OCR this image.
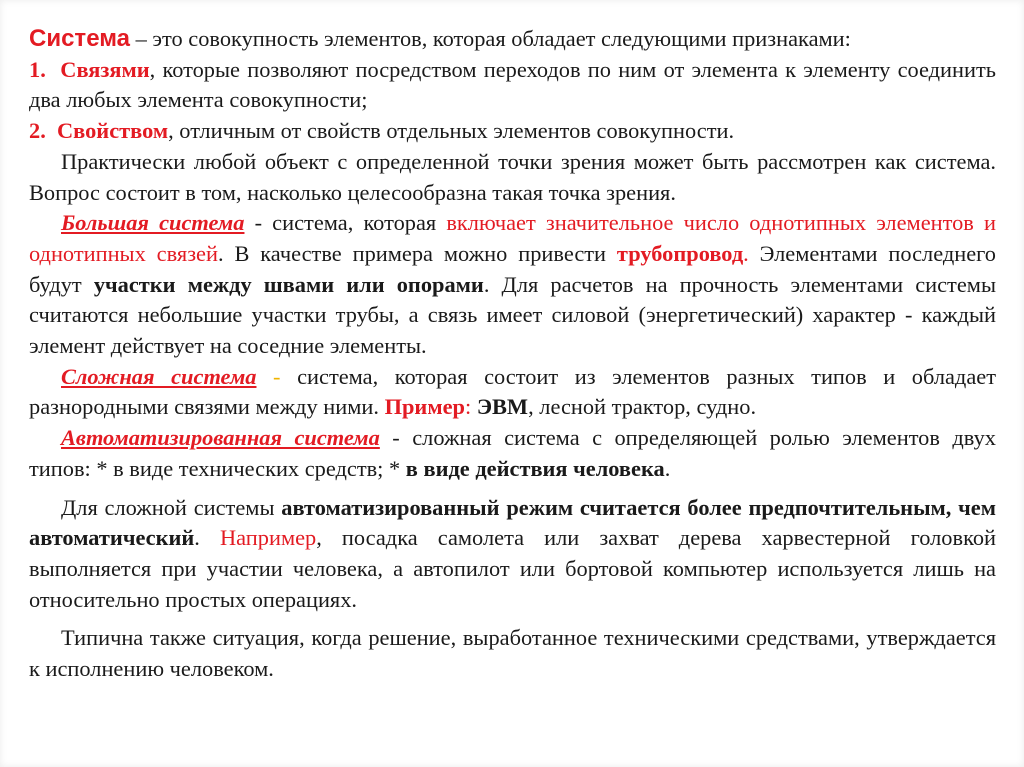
Система – это совокупность элементов, которая обладает следующими признаками:

1. Связями, которые позволяют посредством переходов по ним от элемента к элементу соединить два любых элемента совокупности;

2. Свойством, отличным от свойств отдельных элементов совокупности.

Практически любой объект с определенной точки зрения может быть рассмотрен как система. Вопрос состоит в том, насколько целесообразна такая точка зрения.

Большая система - система, которая включает значительное число однотипных элементов и однотипных связей. В качестве примера можно привести трубопровод. Элементами последнего будут участки между швами или опорами. Для расчетов на прочность элементами системы считаются небольшие участки трубы, а связь имеет силовой (энергетический) характер - каждый элемент действует на соседние элементы.

Сложная система - система, которая состоит из элементов разных типов и обладает разнородными связями между ними. Пример: ЭВМ, лесной трактор, судно.

Автоматизированная система - сложная система с определяющей ролью элементов двух типов: * в виде технических средств; * в виде действия человека.

Для сложной системы автоматизированный режим считается более предпочтительным, чем автоматический. Например, посадка самолета или захват дерева харвестерной головкой выполняется при участии человека, а автопилот или бортовой компьютер используется лишь на относительно простых операциях.

Типична также ситуация, когда решение, выработанное техническими средствами, утверждается к исполнению человеком.
